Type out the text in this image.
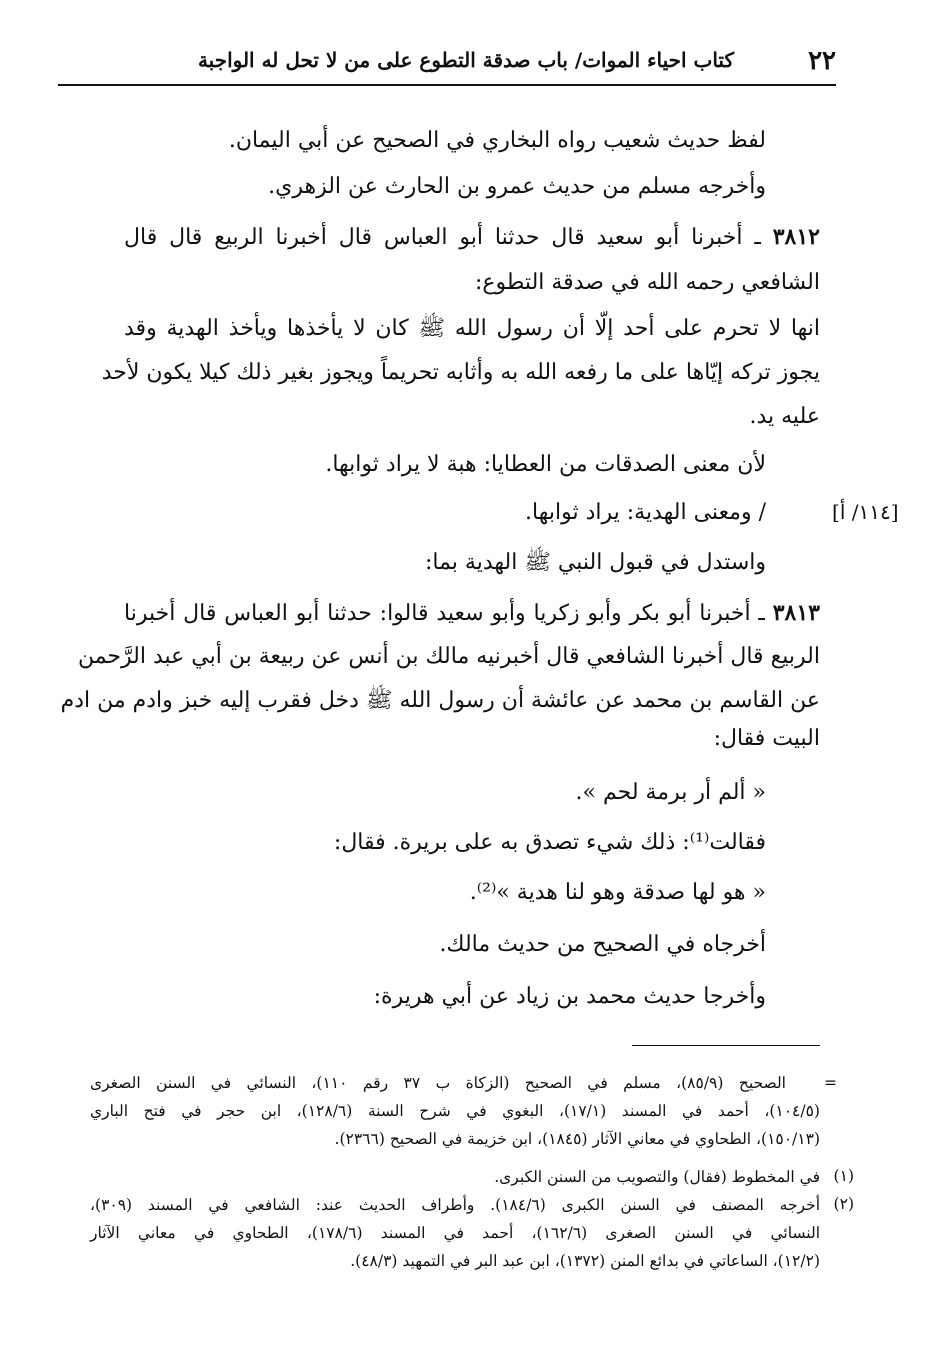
٢٢
كتاب احياء الموات/ باب صدقة التطوع على من لا تحل له الواجبة
لفظ حديث شعيب رواه البخاري في الصحيح عن أبي اليمان.
وأخرجه مسلم من حديث عمرو بن الحارث عن الزهري.
٣٨١٢ ـ أخبرنا أبو سعيد قال حدثنا أبو العباس قال أخبرنا الربيع قال قال
الشافعي رحمه الله في صدقة التطوع:
انها لا تحرم على أحد إلّا أن رسول الله ﷺ كان لا يأخذها ويأخذ الهدية وقد
يجوز تركه إيّاها على ما رفعه الله به وأثابه تحريماً ويجوز بغير ذلك كيلا يكون لأحد
عليه يد.
لأن معنى الصدقات من العطايا: هبة لا يراد ثوابها.
/ ومعنى الهدية: يراد ثوابها.	[١١٤/ أ]
واستدل في قبول النبي ﷺ الهدية بما:
٣٨١٣ ـ أخبرنا أبو بكر وأبو زكريا وأبو سعيد قالوا: حدثنا أبو العباس قال أخبرنا
الربيع قال أخبرنا الشافعي قال أخبرنيه مالك بن أنس عن ربيعة بن أبي عبد الرَّحمن
عن القاسم بن محمد عن عائشة أن رسول الله ﷺ دخل فقرب إليه خبز وادم من ادم
البيت فقال:
« ألم أر برمة لحم ».
فقالت⁽¹⁾: ذلك شيء تصدق به على بريرة. فقال:
« هو لها صدقة وهو لنا هدية »⁽²⁾.
أخرجاه في الصحيح من حديث مالك.
وأخرجا حديث محمد بن زياد عن أبي هريرة:
=
الصحيح (٨٥/٩)، مسلم في الصحيح (الزكاة ب ٣٧ رقم ١١٠)، النسائي في السنن الصغرى
(١٠٤/٥)، أحمد في المسند (١٧/١)، البغوي في شرح السنة (١٢٨/٦)، ابن حجر في فتح الباري
(١٥٠/١٣)، الطحاوي في معاني الآثار (١٨٤٥)، ابن خزيمة في الصحيح (٢٣٦٦).
(١)
في المخطوط (فقال) والتصويب من السنن الكبرى.
(٢)
أخرجه المصنف في السنن الكبرى (١٨٤/٦). وأطراف الحديث عند: الشافعي في المسند (٣٠٩)،
النسائي في السنن الصغرى (١٦٢/٦)، أحمد في المسند (١٧٨/٦)، الطحاوي في معاني الآثار
(١٢/٢)، الساعاتي في بدائع المنن (١٣٧٢)، ابن عبد البر في التمهيد (٤٨/٣).
